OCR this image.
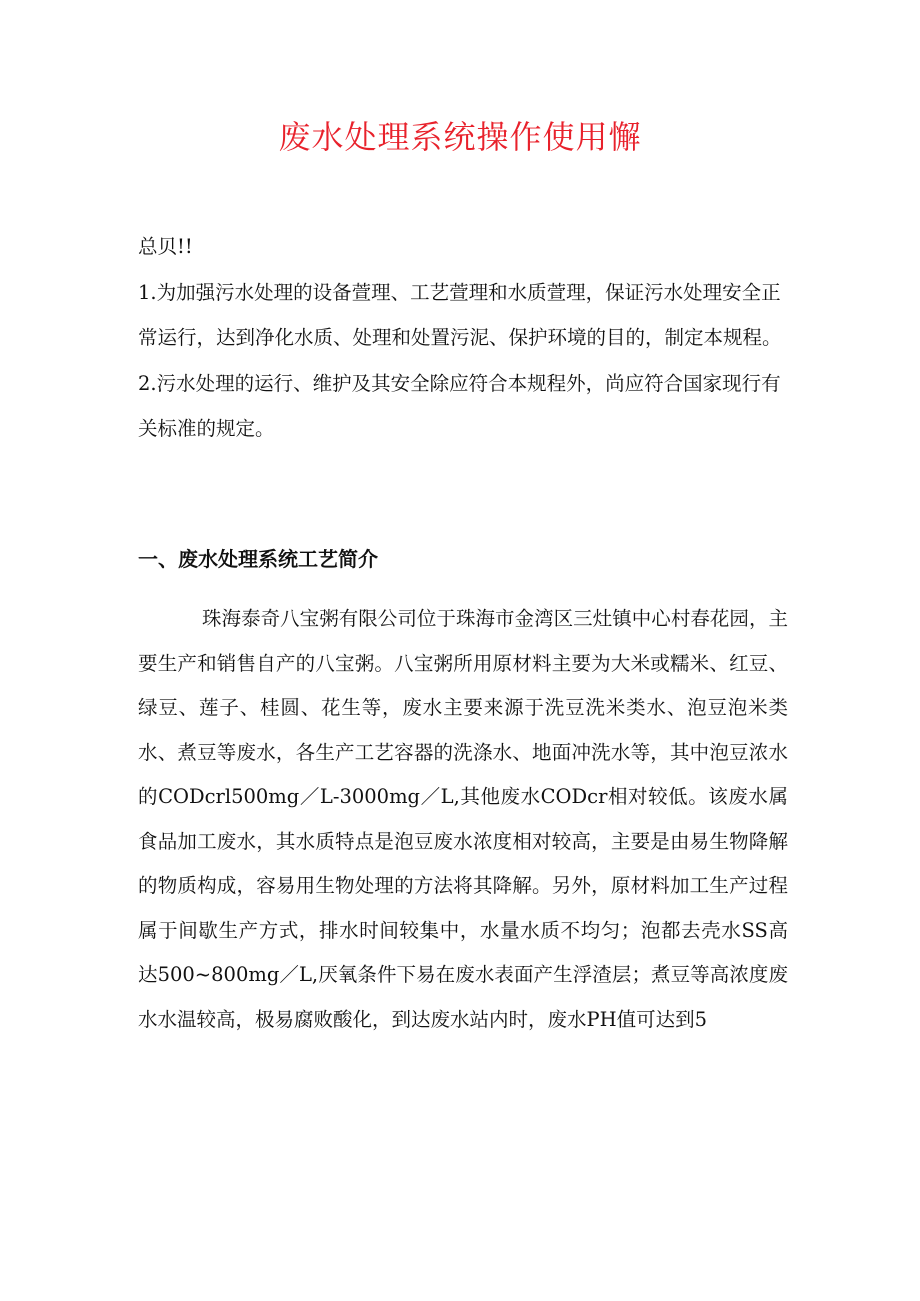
废水处理系统操作使用懈

总贝!!

1.为加强污水处理的设备萱理、工艺萱理和水质萱理，保证污水处理安全正常运行，达到净化水质、处理和处置污泥、保护环境的目的，制定本规程。

2.污水处理的运行、维护及其安全除应符合本规程外，尚应符合国家现行有关标准的规定。

一、废水处理系统工艺简介

珠海泰奇八宝粥有限公司位于珠海市金湾区三灶镇中心村春花园，主要生产和销售自产的八宝粥。八宝粥所用原材料主要为大米或糯米、红豆、绿豆、莲子、桂圆、花生等，废水主要来源于洗豆洗米类水、泡豆泡米类水、煮豆等废水，各生产工艺容器的洗涤水、地面冲洗水等，其中泡豆浓水的CODcrl500mg／L-3000mg／L,其他废水CODcr相对较低。该废水属食品加工废水，其水质特点是泡豆废水浓度相对较高，主要是由易生物降解的物质构成，容易用生物处理的方法将其降解。另外，原材料加工生产过程属于间歇生产方式，排水时间较集中，水量水质不均匀；泡都去壳水SS高达500~800mg／L,厌氧条件下易在废水表面产生浮渣层；煮豆等高浓度废水水温较高，极易腐败酸化，到达废水站内时，废水PH值可达到5
